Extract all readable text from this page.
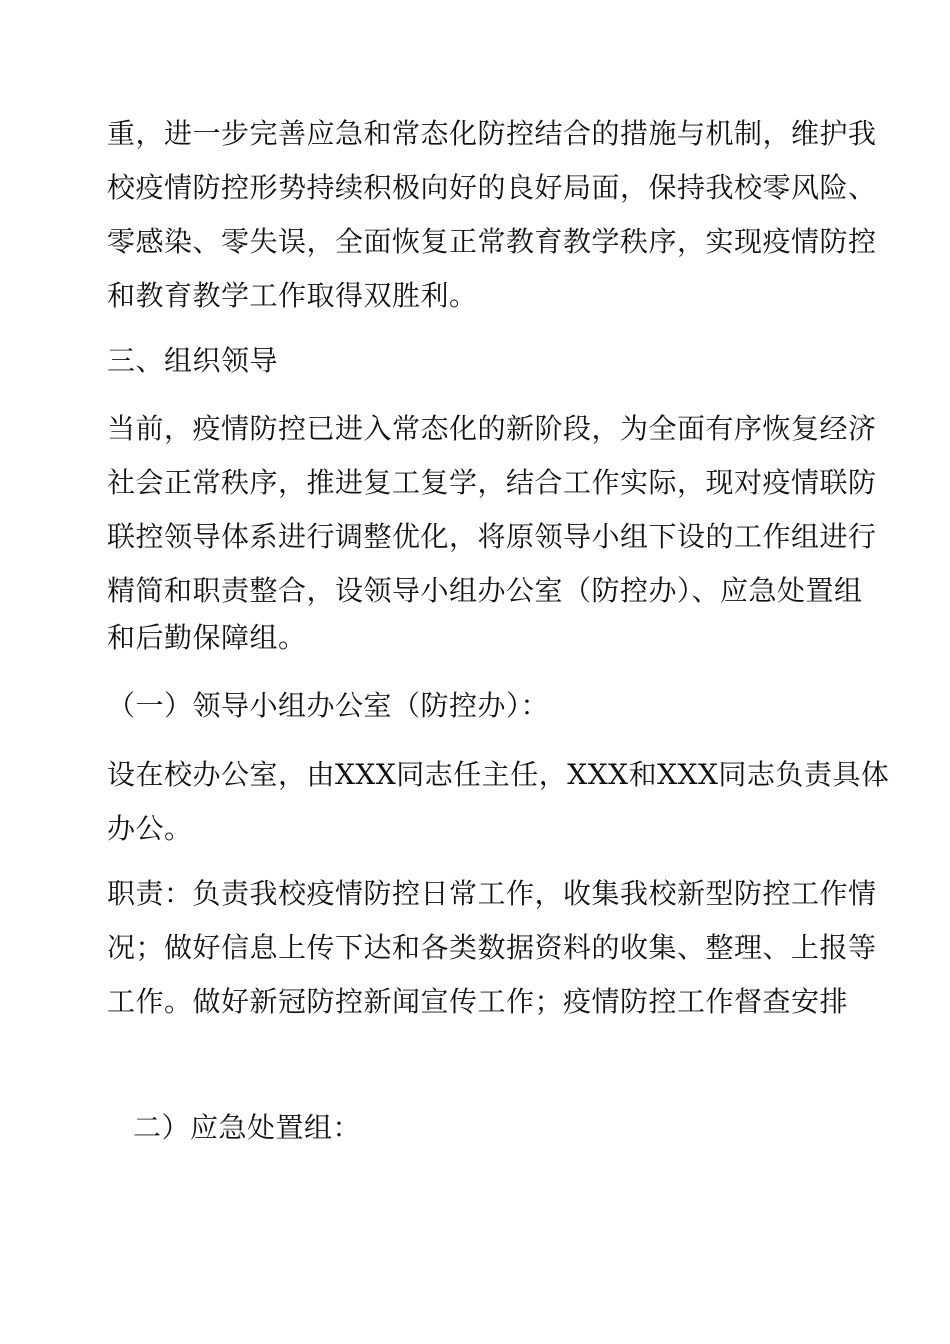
重，进一步完善应急和常态化防控结合的措施与机制，维护我
校疫情防控形势持续积极向好的良好局面，保持我校零风险、
零感染、零失误，全面恢复正常教育教学秩序，实现疫情防控
和教育教学工作取得双胜利。
三、组织领导
当前，疫情防控已进入常态化的新阶段，为全面有序恢复经济
社会正常秩序，推进复工复学，结合工作实际，现对疫情联防
联控领导体系进行调整优化，将原领导小组下设的工作组进行
精简和职责整合，设领导小组办公室（防控办）、应急处置组
和后勤保障组。
（一）领导小组办公室（防控办）：
设在校办公室，由XXX同志任主任，XXX和XXX同志负责具体
办公。
职责：负责我校疫情防控日常工作，收集我校新型防控工作情
况；做好信息上传下达和各类数据资料的收集、整理、上报等
工作。做好新冠防控新闻宣传工作；疫情防控工作督查安排
二）应急处置组：
